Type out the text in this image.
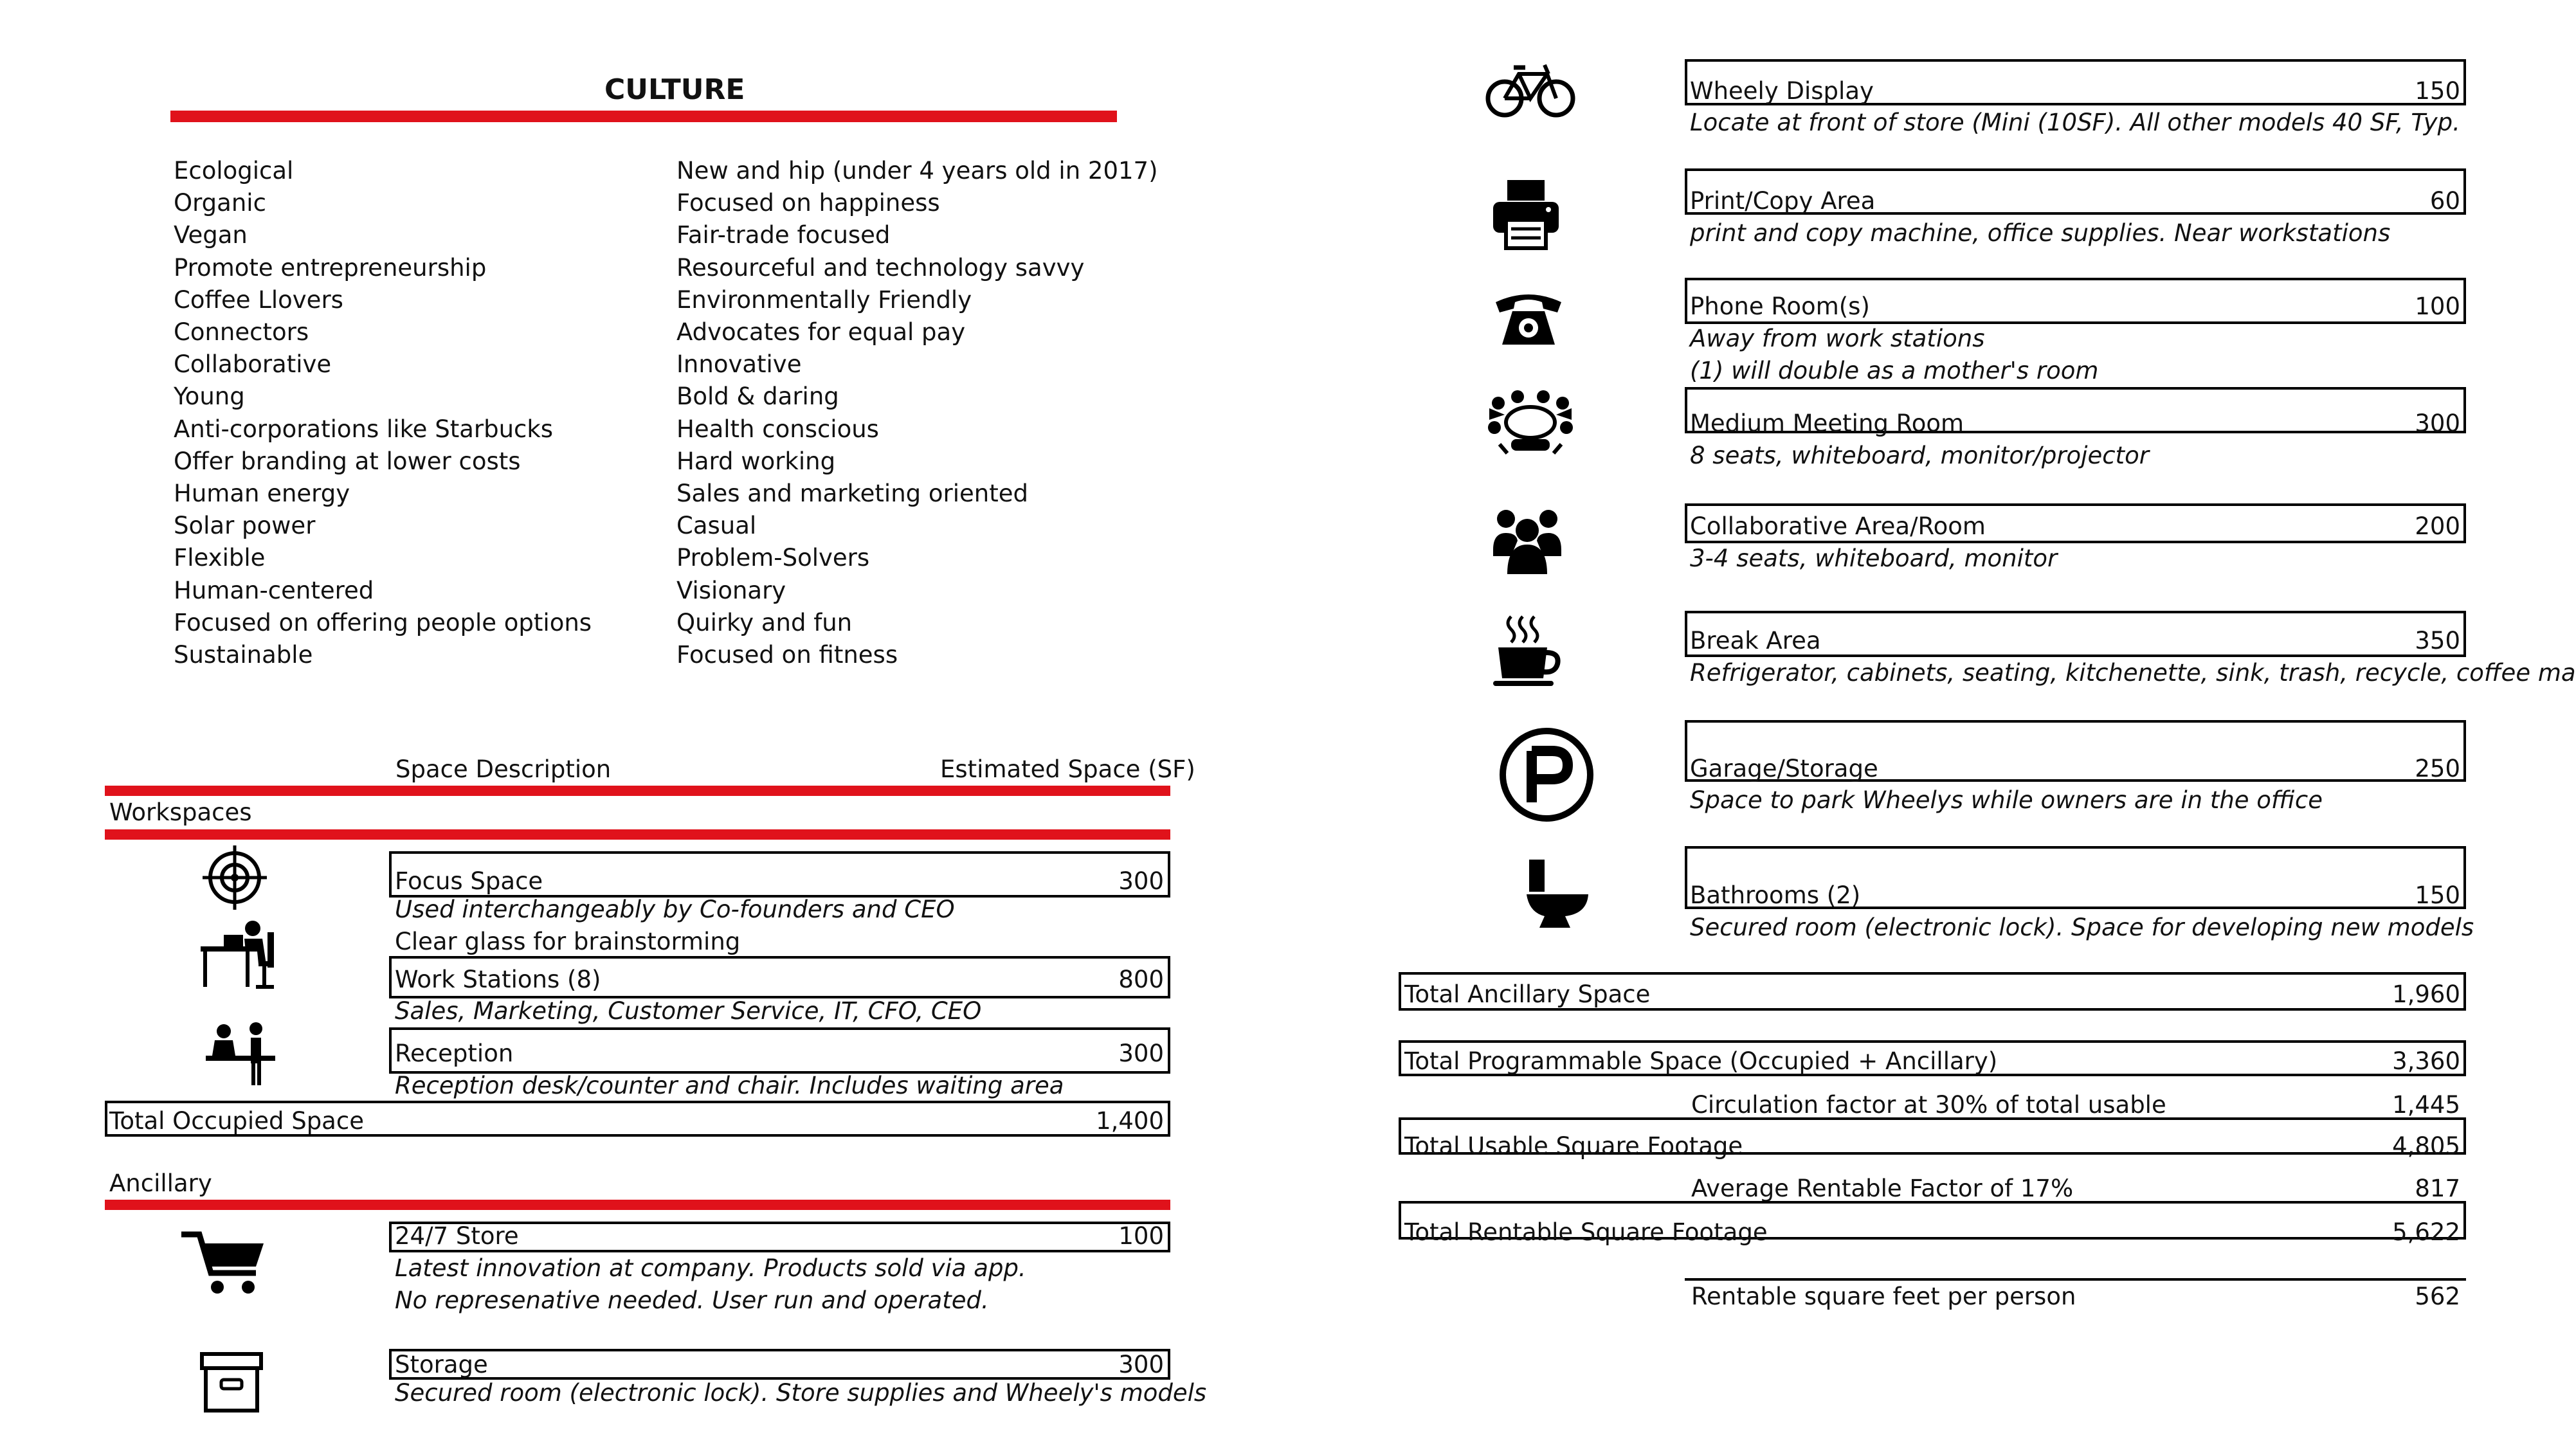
CULTURE
Ecological
Organic
Vegan
Promote entrepreneurship
Coffee Llovers
Connectors
Collaborative
Young
Anti-corporations like Starbucks
Offer branding at lower costs
Human energy
Solar power
Flexible
Human-centered
Focused on offering people options
Sustainable
New and hip (under 4 years old in 2017)
Focused on happiness
Fair-trade focused
Resourceful and technology savvy
Environmentally Friendly
Advocates for equal pay
Innovative
Bold & daring
Health conscious
Hard working
Sales and marketing oriented
Casual
Problem-Solvers
Visionary
Quirky and fun
Focused on fitness
Space Description	Estimated Space (SF)
Workspaces
Focus Space	300
Used interchangeably by Co-founders and CEO
Clear glass for brainstorming
Work Stations (8)	800
Sales, Marketing, Customer Service, IT, CFO, CEO
Reception	300
Reception desk/counter and chair. Includes waiting area
Total Occupied Space	1,400
Ancillary
24/7 Store	100
Latest innovation at company. Products sold via app.
No represenative needed. User run and operated.
Storage	300
Secured room (electronic lock). Store supplies and Wheely's models
Wheely Display	150
Locate at front of store (Mini (10SF). All other models 40 SF, Typ.
Print/Copy Area	60
print and copy machine, office supplies. Near workstations
Phone Room(s)	100
Away from work stations
(1) will double as a mother's room
Medium Meeting Room	300
8 seats, whiteboard, monitor/projector
Collaborative Area/Room	200
3-4 seats, whiteboard, monitor
Break Area	350
Refrigerator, cabinets, seating, kitchenette, sink, trash, recycle, coffee ma
Garage/Storage	250
Space to park Wheelys while owners are in the office
Bathrooms (2)	150
Secured room (electronic lock). Space for developing new models
Total Ancillary Space	1,960
Total Programmable Space (Occupied + Ancillary)	3,360
Circulation factor at 30% of total usable	1,445
Total Usable Square Footage	4,805
Average Rentable Factor of 17%	817
Total Rentable Square Footage	5,622
Rentable square feet per person	562
